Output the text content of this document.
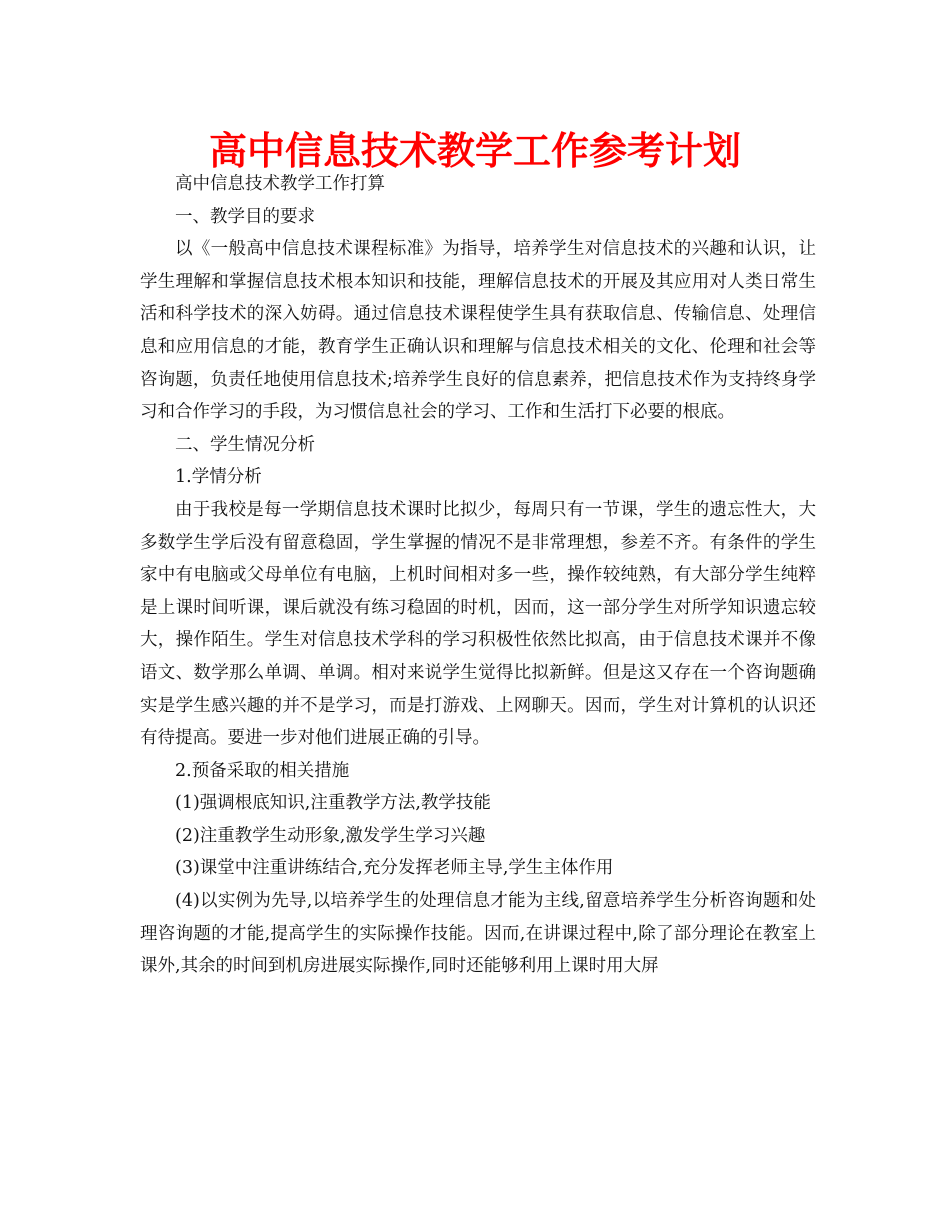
高中信息技术教学工作参考计划

高中信息技术教学工作打算

一、教学目的要求

以《一般高中信息技术课程标准》为指导，培养学生对信息技术的兴趣和认识，让学生理解和掌握信息技术根本知识和技能，理解信息技术的开展及其应用对人类日常生活和科学技术的深入妨碍。通过信息技术课程使学生具有获取信息、传输信息、处理信息和应用信息的才能，教育学生正确认识和理解与信息技术相关的文化、伦理和社会等咨询题，负责任地使用信息技术;培养学生良好的信息素养，把信息技术作为支持终身学习和合作学习的手段，为习惯信息社会的学习、工作和生活打下必要的根底。

二、学生情况分析

1.学情分析

由于我校是每一学期信息技术课时比拟少，每周只有一节课，学生的遗忘性大，大多数学生学后没有留意稳固，学生掌握的情况不是非常理想，参差不齐。有条件的学生家中有电脑或父母单位有电脑，上机时间相对多一些，操作较纯熟，有大部分学生纯粹是上课时间听课，课后就没有练习稳固的时机，因而，这一部分学生对所学知识遗忘较大，操作陌生。学生对信息技术学科的学习积极性依然比拟高，由于信息技术课并不像语文、数学那么单调、单调。相对来说学生觉得比拟新鲜。但是这又存在一个咨询题确实是学生感兴趣的并不是学习，而是打游戏、上网聊天。因而，学生对计算机的认识还有待提高。要进一步对他们进展正确的引导。

2.预备采取的相关措施

(1)强调根底知识,注重教学方法,教学技能

(2)注重教学生动形象,激发学生学习兴趣

(3)课堂中注重讲练结合,充分发挥老师主导,学生主体作用

(4)以实例为先导,以培养学生的处理信息才能为主线,留意培养学生分析咨询题和处理咨询题的才能,提高学生的实际操作技能。因而,在讲课过程中,除了部分理论在教室上课外,其余的时间到机房进展实际操作,同时还能够利用上课时用大屏
